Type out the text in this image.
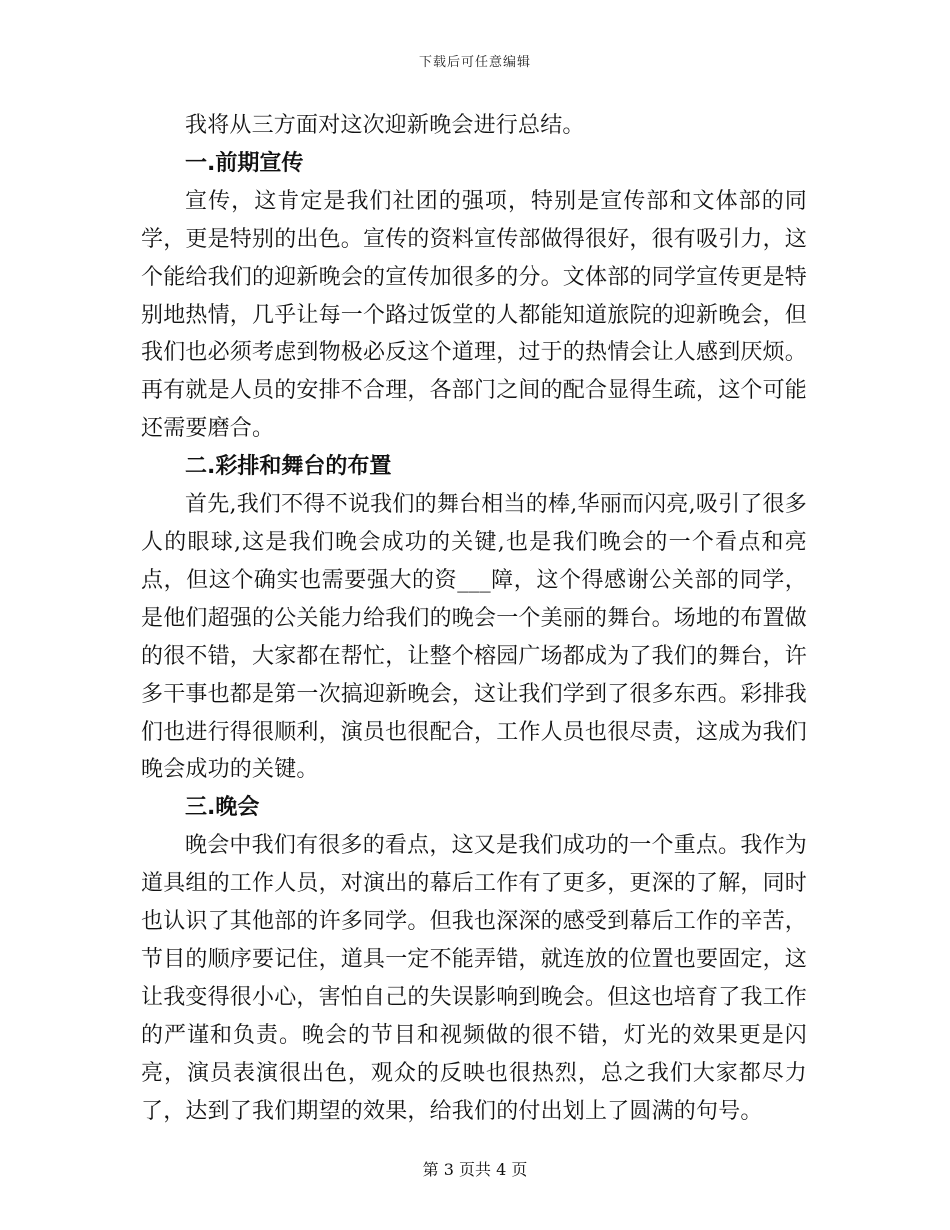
下载后可任意编辑

我将从三方面对这次迎新晚会进行总结。

一.前期宣传

宣传，这肯定是我们社团的强项，特别是宣传部和文体部的同学，更是特别的出色。宣传的资料宣传部做得很好，很有吸引力，这个能给我们的迎新晚会的宣传加很多的分。文体部的同学宣传更是特别地热情，几乎让每一个路过饭堂的人都能知道旅院的迎新晚会，但我们也必须考虑到物极必反这个道理，过于的热情会让人感到厌烦。再有就是人员的安排不合理，各部门之间的配合显得生疏，这个可能还需要磨合。

二.彩排和舞台的布置

首先,我们不得不说我们的舞台相当的棒,华丽而闪亮,吸引了很多人的眼球,这是我们晚会成功的关键,也是我们晚会的一个看点和亮点，但这个确实也需要强大的资___障，这个得感谢公关部的同学，是他们超强的公关能力给我们的晚会一个美丽的舞台。场地的布置做的很不错，大家都在帮忙，让整个榕园广场都成为了我们的舞台，许多干事也都是第一次搞迎新晚会，这让我们学到了很多东西。彩排我们也进行得很顺利，演员也很配合，工作人员也很尽责，这成为我们晚会成功的关键。

三.晚会

晚会中我们有很多的看点，这又是我们成功的一个重点。我作为道具组的工作人员，对演出的幕后工作有了更多，更深的了解，同时也认识了其他部的许多同学。但我也深深的感受到幕后工作的辛苦，节目的顺序要记住，道具一定不能弄错，就连放的位置也要固定，这让我变得很小心，害怕自己的失误影响到晚会。但这也培育了我工作的严谨和负责。晚会的节目和视频做的很不错，灯光的效果更是闪亮，演员表演很出色，观众的反映也很热烈，总之我们大家都尽力了，达到了我们期望的效果，给我们的付出划上了圆满的句号。

第 3 页共 4 页
